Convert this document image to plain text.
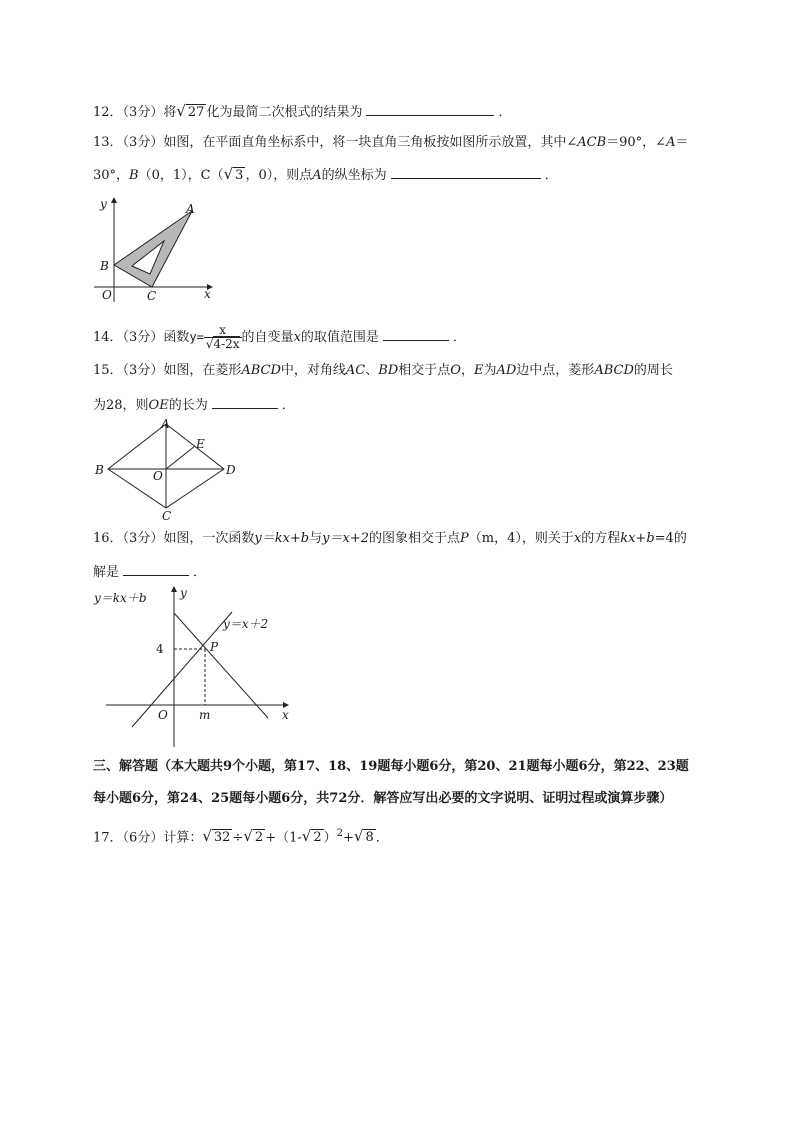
12．（3分）将√ 27 化为最简二次根式的结果为	．
13．（3分）如图，在平面直角坐标系中，将一块直角三角板按如图所示放置，其中∠ACB＝90°，∠A＝
30°，B（0，1），C（√ 3 ，0），则点A的纵坐标为	．
y
x
A
B
O	C
14．（3分）函数$y= \frac{x}{√4-2x}$ 的自变量x的取值范围是	．
15．（3分）如图，在菱形ABCD中，对角线AC、BD相交于点O，E为AD边中点，菱形ABCD的周长
为28，则OE的长为	．
A
B
C
D
E
O
16．（3分）如图，一次函数y＝kx+b与y＝x+2的图象相交于点P（m，4），则关于x的方程kx+b=4的
解是	．
y＝kx＋b
y＝x＋2
y
x
4	P
O	m
三、解答题（本大题共9个小题，第17、18、19题每小题6分，第20、21题每小题6分，第22、23题
每小题6分，第24、25题每小题6分，共72分．解答应写出必要的文字说明、证明过程或演算步骤）
17．（6分）计算：√ 32 ÷√ 2 +（1-√ 2 ）$^2$+√ 8 ．
